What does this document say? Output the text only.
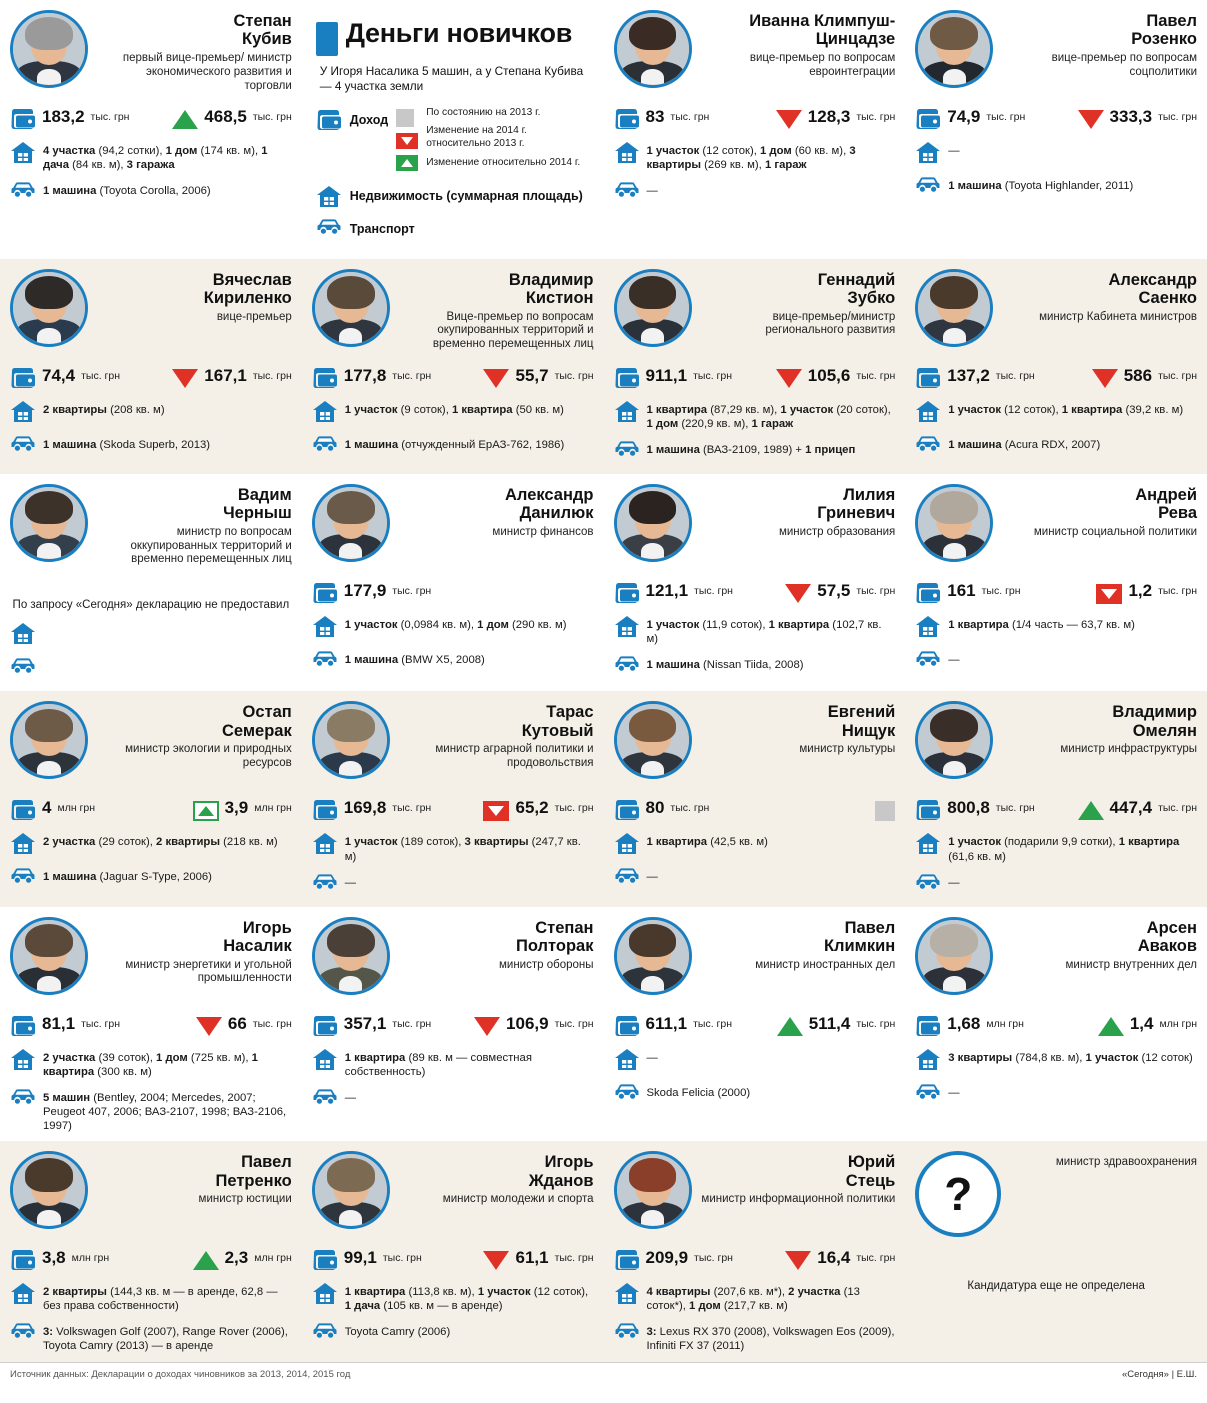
Степан
Кубив
первый вице-премьер/ министр экономического развития и торговли
183,2 тыс. грн	468,5 тыс. грн
4 участка (94,2 сотки), 1 дом (174 кв. м), 1 дача (84 кв. м), 3 гаража
1 машина (Toyota Corolla, 2006)
Деньги новичков
У Игоря Насалика 5 машин, а у Степана Кубива — 4 участка земли
Доход
По состоянию на 2013 г.
Изменение на 2014 г. относительно 2013 г.
Изменение относительно 2014 г.
Недвижимость (суммарная площадь)
Транспорт
Иванна Климпуш-Цинцадзе
вице-премьер по вопросам евроинтеграции
83 тыс. грн	128,3 тыс. грн
1 участок (12 соток), 1 дом (60 кв. м), 3 квартиры (269 кв. м), 1 гараж
—
Павел
Розенко
вице-премьер по вопросам соцполитики
74,9 тыс. грн	333,3 тыс. грн
—
1 машина (Toyota Highlander, 2011)
Вячеслав
Кириленко
вице-премьер
74,4 тыс. грн	167,1 тыс. грн
2 квартиры (208 кв. м)
1 машина (Skoda Superb, 2013)
Владимир
Кистион
Вице-премьер по вопросам окупированных территорий и временно перемещенных лиц
177,8 тыс. грн	55,7 тыс. грн
1 участок (9 соток), 1 квартира (50 кв. м)
1 машина (отчужденный ЕрАЗ-762, 1986)
Геннадий
Зубко
вице-премьер/министр регионального развития
911,1 тыс. грн	105,6 тыс. грн
1 квартира (87,29 кв. м), 1 участок (20 соток), 1 дом (220,9 кв. м), 1 гараж
1 машина (ВАЗ-2109, 1989) + 1 прицеп
Александр
Саенко
министр Кабинета министров
137,2 тыс. грн	586 тыс. грн
1 участок (12 соток), 1 квартира (39,2 кв. м)
1 машина (Acura RDX, 2007)
Вадим
Черныш
министр по вопросам оккупированных территорий и временно перемещенных лиц
По запросу «Сегодня» декларацию не предоставил
Александр
Данилюк
министр финансов
177,9 тыс. грн
1 участок (0,0984 кв. м), 1 дом (290 кв. м)
1 машина (BMW X5, 2008)
Лилия
Гриневич
министр образования
121,1 тыс. грн	57,5 тыс. грн
1 участок (11,9 соток), 1 квартира (102,7 кв. м)
1 машина (Nissan Tiida, 2008)
Андрей
Рева
министр социальной политики
161 тыс. грн	1,2 тыс. грн
1 квартира (1/4 часть — 63,7 кв. м)
—
Остап
Семерак
министр экологии и природных ресурсов
4 млн грн	3,9 млн грн
2 участка (29 соток), 2 квартиры (218 кв. м)
1 машина (Jaguar S-Type, 2006)
Тарас
Кутовый
министр аграрной политики и продовольствия
169,8 тыс. грн	65,2 тыс. грн
1 участок (189 соток), 3 квартиры (247,7 кв. м)
—
Евгений
Нищук
министр культуры
80 тыс. грн
1 квартира (42,5 кв. м)
—
Владимир
Омелян
министр инфраструктуры
800,8 тыс. грн	447,4 тыс. грн
1 участок (подарили 9,9 сотки), 1 квартира (61,6 кв. м)
—
Игорь
Насалик
министр энергетики и угольной промышленности
81,1 тыс. грн	66 тыс. грн
2 участка (39 соток), 1 дом (725 кв. м), 1 квартира (300 кв. м)
5 машин (Bentley, 2004; Mercedes, 2007; Peugeot 407, 2006; ВАЗ-2107, 1998; ВАЗ-2106, 1997)
Степан
Полторак
министр обороны
357,1 тыс. грн	106,9 тыс. грн
1 квартира (89 кв. м — совместная собственность)
—
Павел
Климкин
министр иностранных дел
611,1 тыс. грн	511,4 тыс. грн
—
Skoda Felicia (2000)
Арсен
Аваков
министр внутренних дел
1,68 млн грн	1,4 млн грн
3 квартиры (784,8 кв. м), 1 участок (12 соток)
—
Павел
Петренко
министр юстиции
3,8 млн грн	2,3 млн грн
2 квартиры (144,3 кв. м — в аренде, 62,8 — без права собственности)
3: Volkswagen Golf (2007), Range Rover (2006), Toyota Camry (2013) — в аренде
Игорь
Жданов
министр молодежи и спорта
99,1 тыс. грн	61,1 тыс. грн
1 квартира (113,8 кв. м), 1 участок (12 соток), 1 дача (105 кв. м — в аренде)
Toyota Camry (2006)
Юрий
Стець
министр информационной политики
209,9 тыс. грн	16,4 тыс. грн
4 квартиры (207,6 кв. м*), 2 участка (13 соток*), 1 дом (217,7 кв. м)
3: Lexus RX 370 (2008), Volkswagen Eos (2009), Infiniti FX 37 (2011)
?
министр здравоохранения
Кандидатура еще не определена
Источник данных: Декларации о доходах чиновников за 2013, 2014, 2015 год	«Сегодня» | Е.Ш.
